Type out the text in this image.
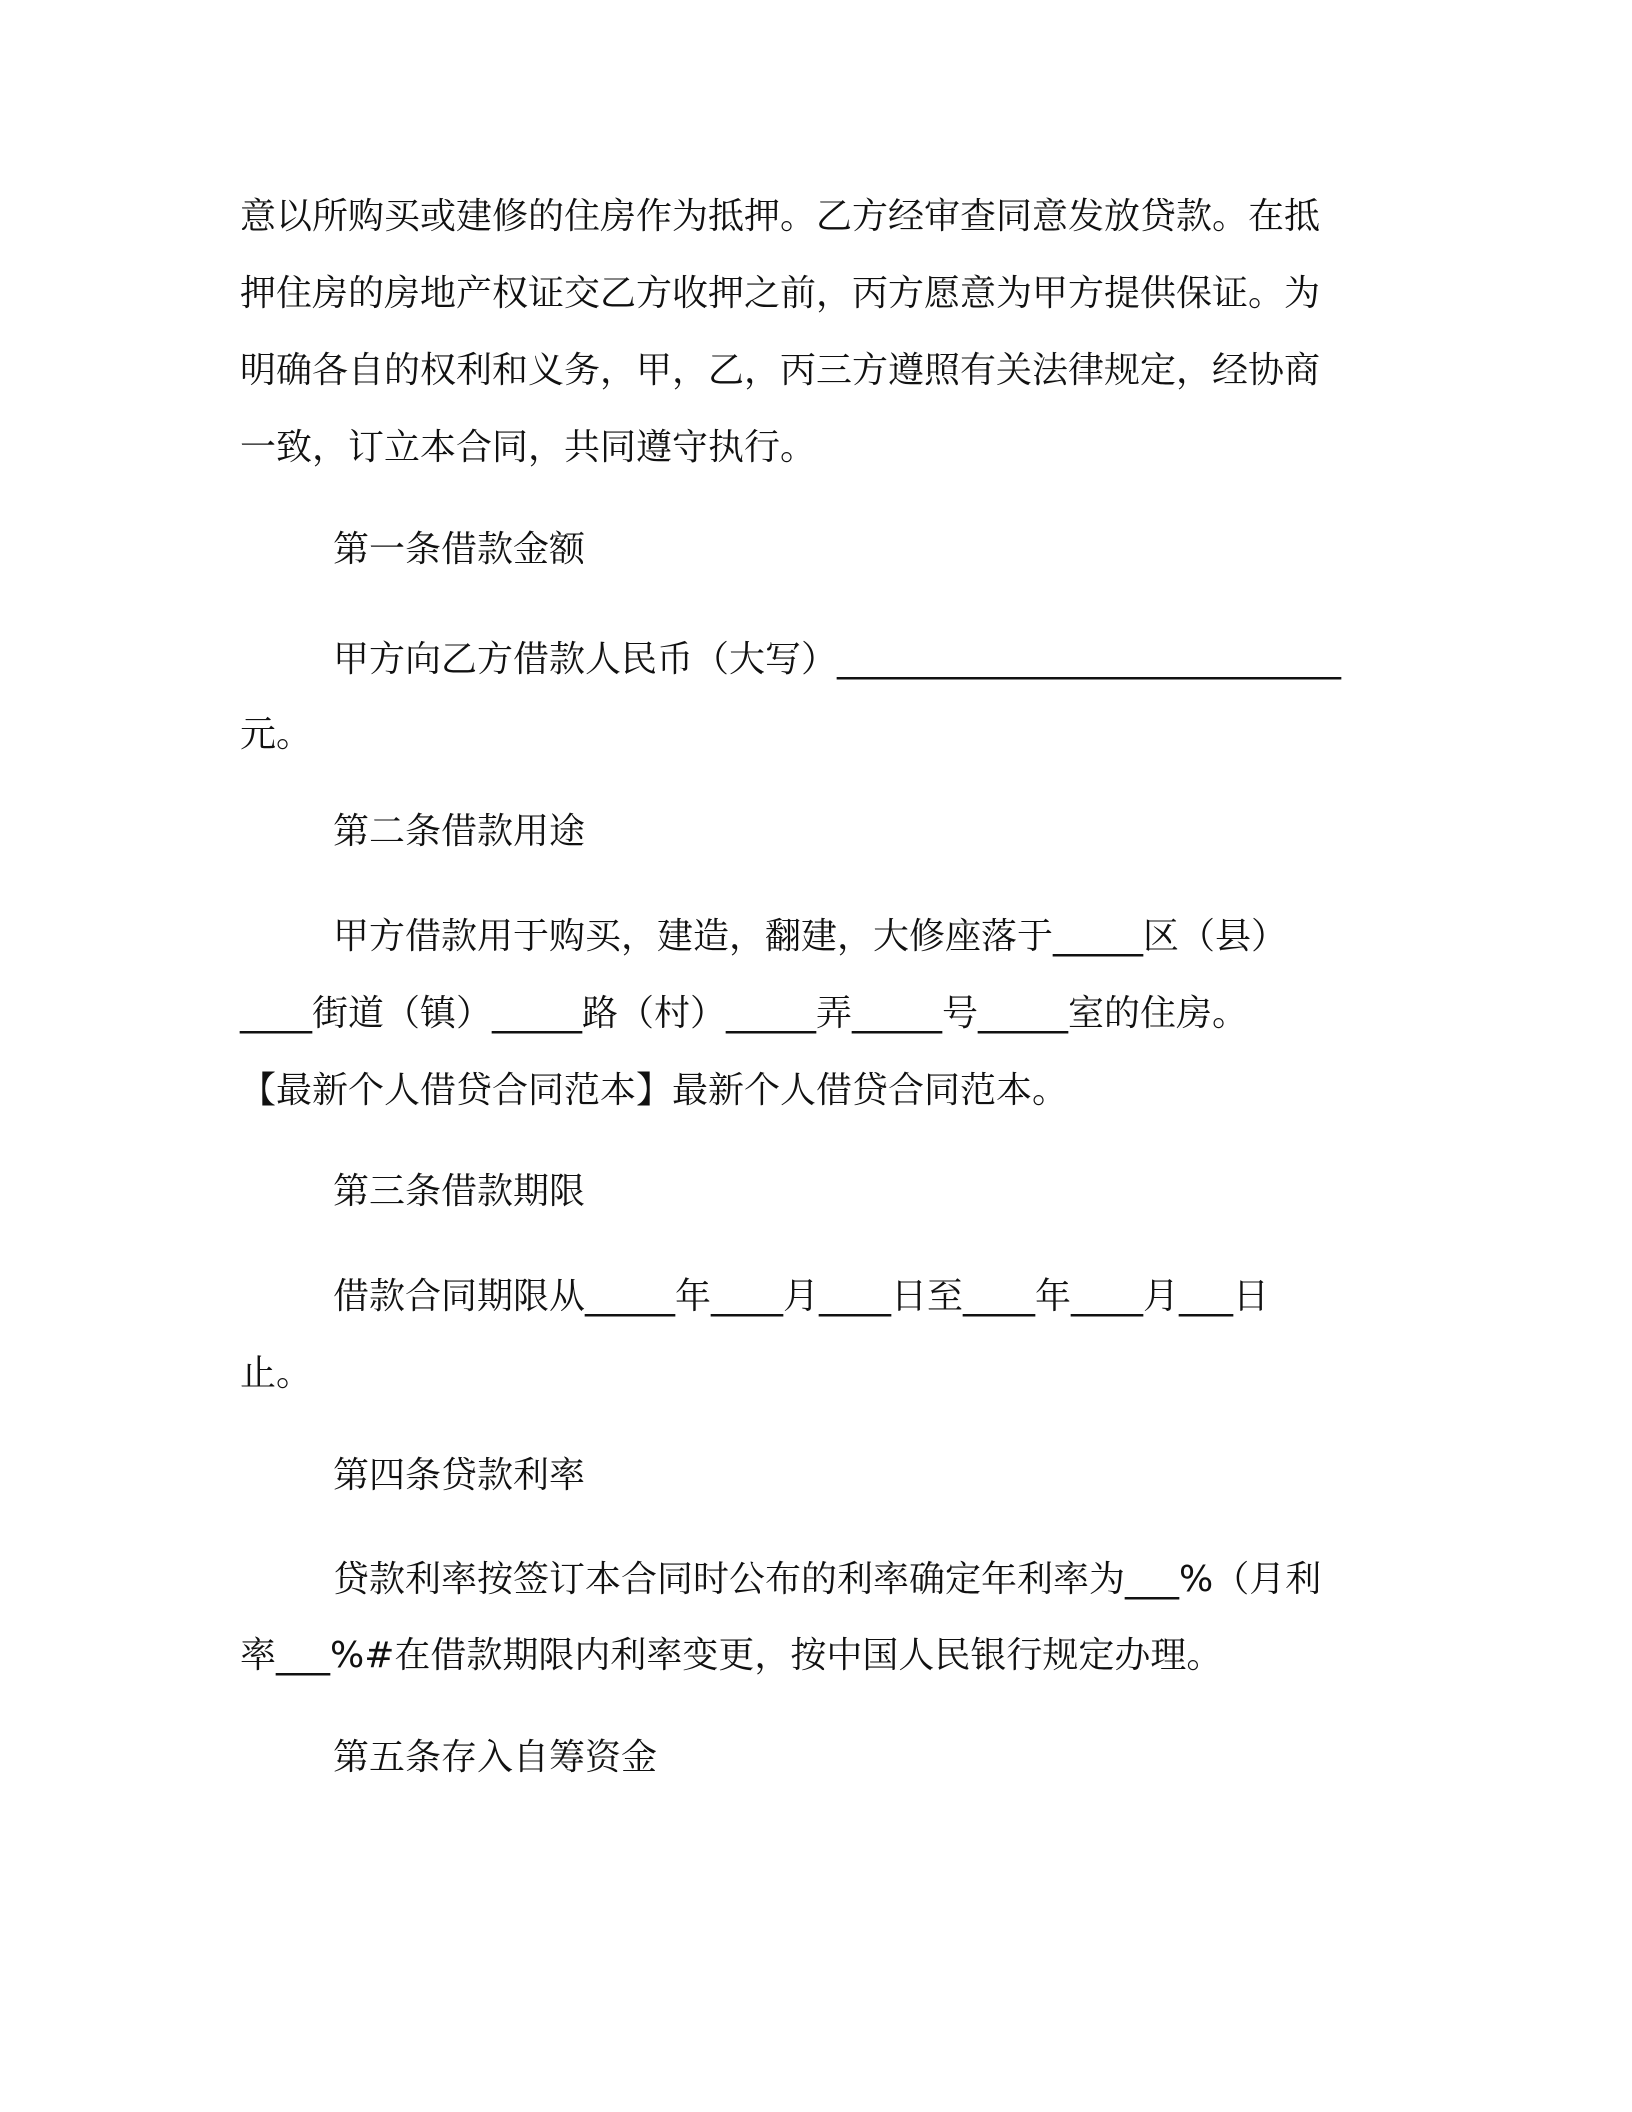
意以所购买或建修的住房作为抵押。乙方经审查同意发放贷款。在抵
押住房的房地产权证交乙方收押之前，丙方愿意为甲方提供保证。为
明确各自的权利和义务，甲，乙，丙三方遵照有关法律规定，经协商
一致，订立本合同，共同遵守执行。
第一条借款金额
甲方向乙方借款人民币（大写）____________________________
元。
第二条借款用途
甲方借款用于购买，建造，翻建，大修座落于_____区（县）
____街道（镇）_____路（村）_____弄_____号_____室的住房。
【最新个人借贷合同范本】最新个人借贷合同范本。
第三条借款期限
借款合同期限从_____年____月____日至____年____月___日
止。
第四条贷款利率
贷款利率按签订本合同时公布的利率确定年利率为___%（月利
率___%#在借款期限内利率变更，按中国人民银行规定办理。
第五条存入自筹资金
